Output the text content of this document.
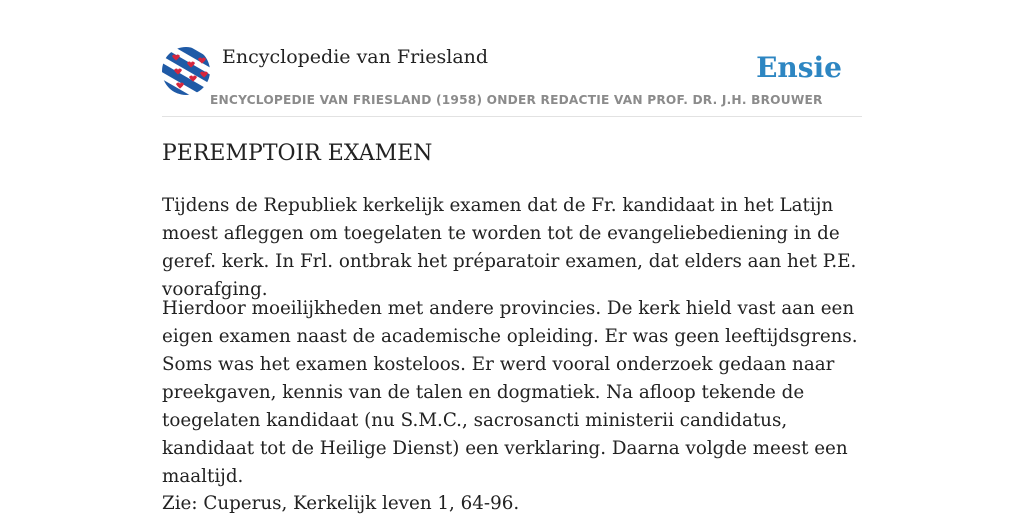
Encyclopedie van Friesland	Ensie
ENCYCLOPEDIE VAN FRIESLAND (1958) ONDER REDACTIE VAN PROF. DR. J.H. BROUWER
PEREMPTOIR EXAMEN

Tijdens de Republiek kerkelijk examen dat de Fr. kandidaat in het Latijn moest afleggen om toegelaten te worden tot de evangeliebediening in de geref. kerk. In Frl. ontbrak het préparatoir examen, dat elders aan het P.E. voorafging.

Hierdoor moeilijkheden met andere provincies. De kerk hield vast aan een eigen examen naast de academische opleiding. Er was geen leeftijdsgrens. Soms was het examen kosteloos. Er werd vooral onderzoek gedaan naar preekgaven, kennis van de talen en dogmatiek. Na afloop tekende de toegelaten kandidaat (nu S.M.C., sacrosancti ministerii candidatus, kandidaat tot de Heilige Dienst) een verklaring. Daarna volgde meest een maaltijd.

Zie: Cuperus, Kerkelijk leven 1, 64-96.
